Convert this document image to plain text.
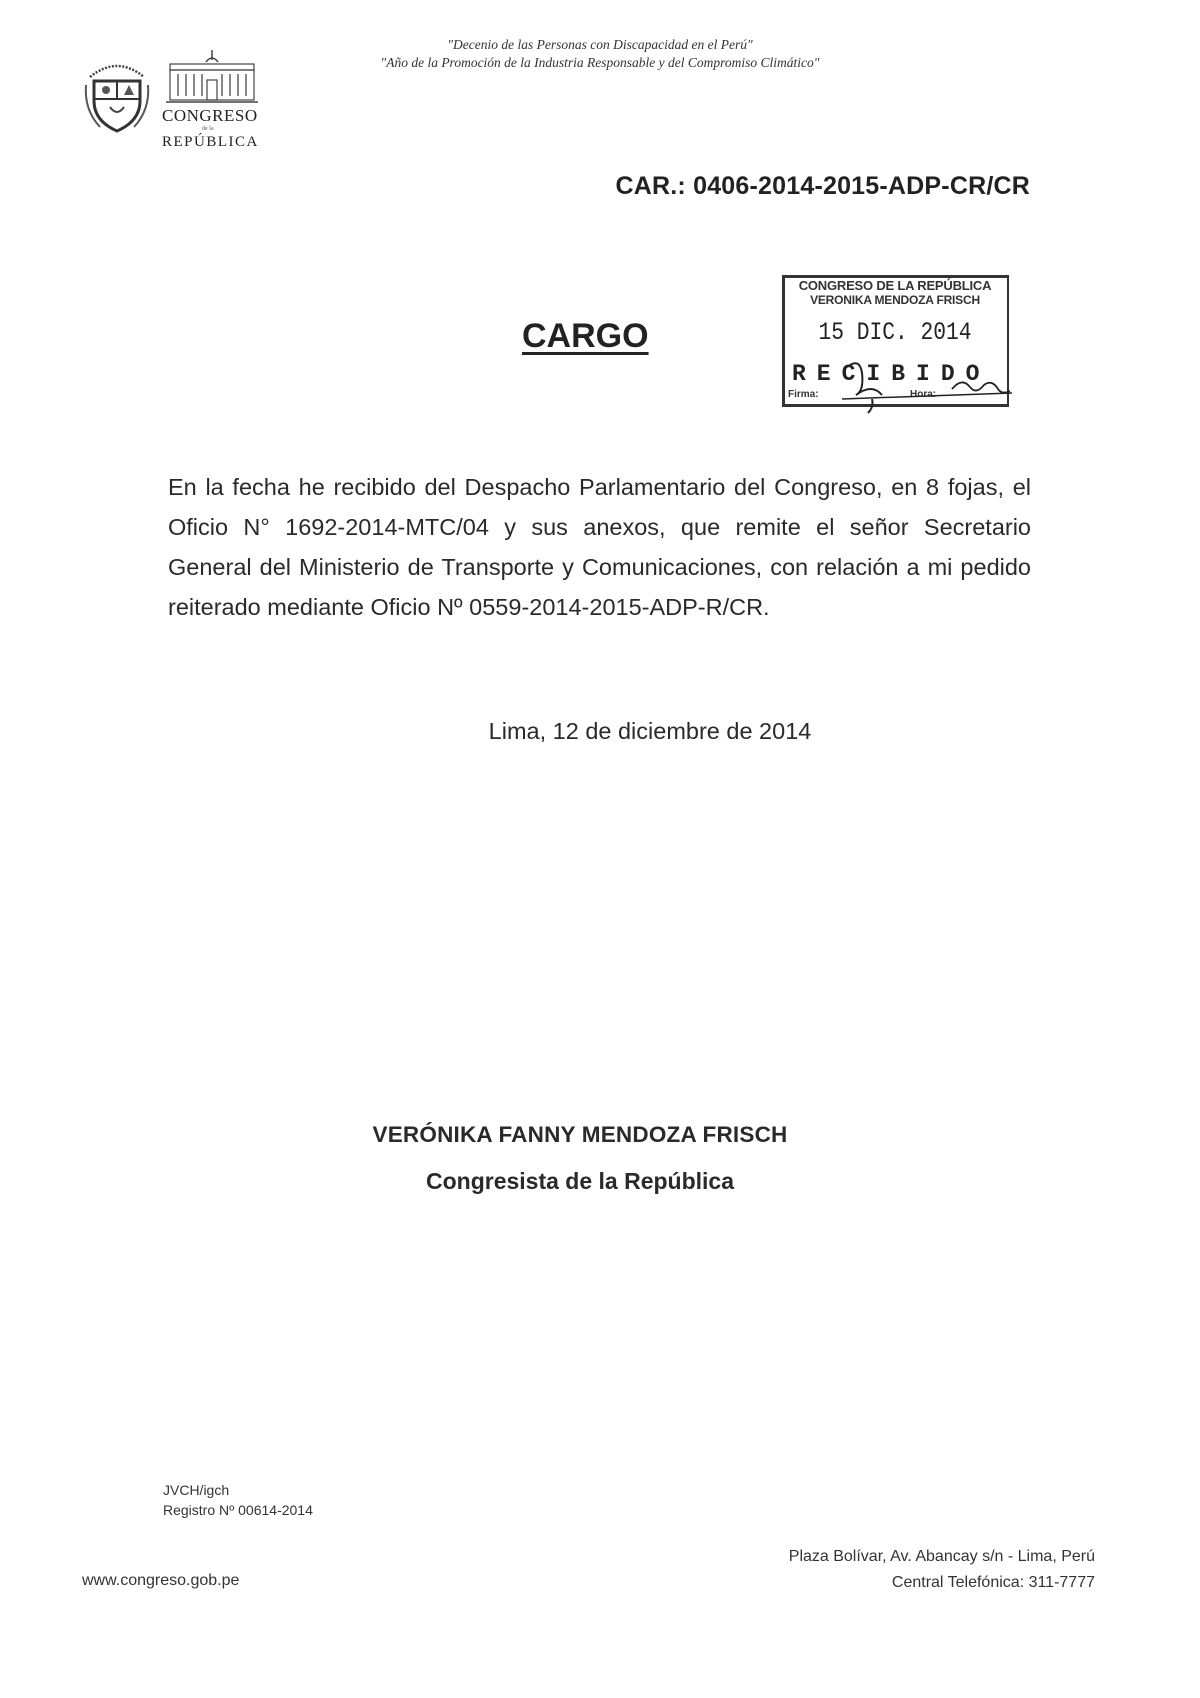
CONGRESO
de la
REPÚBLICA
"Decenio de las Personas con Discapacidad en el Perú"
"Año de la Promoción de la Industria Responsable y del Compromiso Climático"
CAR.: 0406-2014-2015-ADP-CR/CR
CARGO
CONGRESO DE LA REPÚBLICA
VERONIKA MENDOZA FRISCH
15 DIC. 2014
RECIBIDO
Firma:	Hora:
En la fecha he recibido del Despacho Parlamentario del Congreso, en 8 fojas, el Oficio N° 1692-2014-MTC/04 y sus anexos, que remite el señor Secretario General del Ministerio de Transporte y Comunicaciones, con relación a mi pedido reiterado mediante Oficio Nº 0559-2014-2015-ADP-R/CR.
Lima, 12 de diciembre de 2014
VERÓNIKA FANNY MENDOZA FRISCH
Congresista de la República
JVCH/igch
Registro Nº 00614-2014
www.congreso.gob.pe
Plaza Bolívar, Av. Abancay s/n - Lima, Perú
Central Telefónica: 311-7777
